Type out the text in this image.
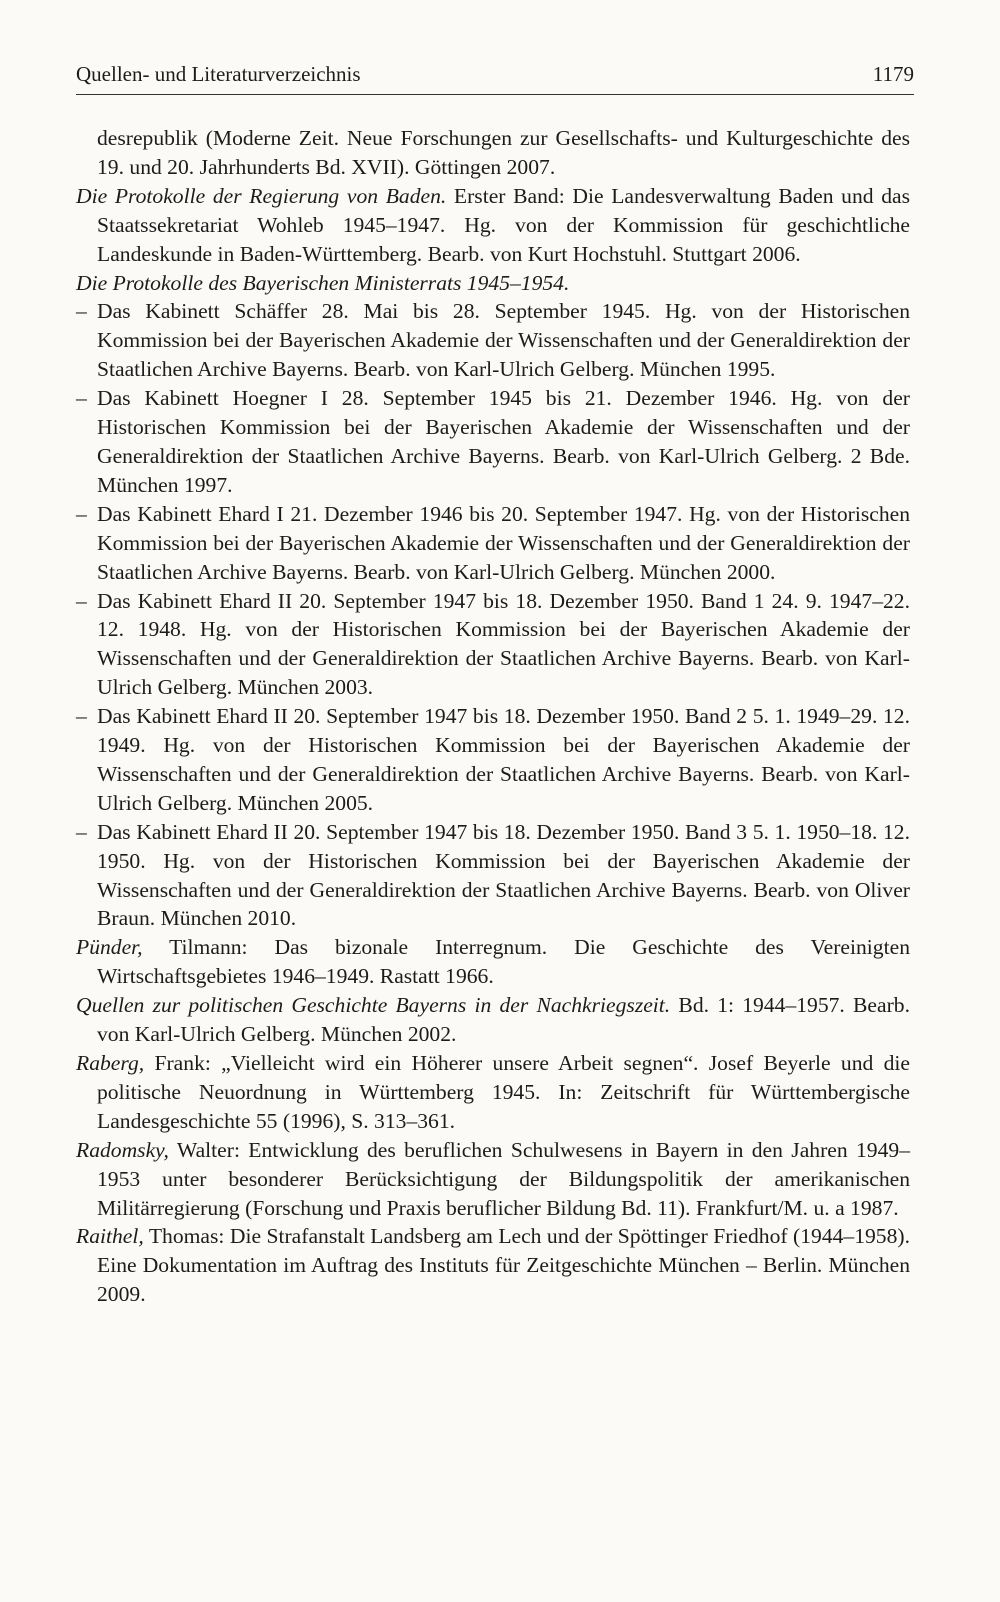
Quellen- und Literaturverzeichnis	1179

desrepublik (Moderne Zeit. Neue Forschungen zur Gesellschafts- und Kulturgeschichte des 19. und 20. Jahrhunderts Bd. XVII). Göttingen 2007.

Die Protokolle der Regierung von Baden. Erster Band: Die Landesverwaltung Baden und das Staatssekretariat Wohleb 1945–1947. Hg. von der Kommission für geschichtliche Landeskunde in Baden-Württemberg. Bearb. von Kurt Hochstuhl. Stuttgart 2006.

Die Protokolle des Bayerischen Ministerrats 1945–1954.

– Das Kabinett Schäffer 28. Mai bis 28. September 1945. Hg. von der Historischen Kommission bei der Bayerischen Akademie der Wissenschaften und der Generaldirektion der Staatlichen Archive Bayerns. Bearb. von Karl-Ulrich Gelberg. München 1995.

– Das Kabinett Hoegner I 28. September 1945 bis 21. Dezember 1946. Hg. von der Historischen Kommission bei der Bayerischen Akademie der Wissenschaften und der Generaldirektion der Staatlichen Archive Bayerns. Bearb. von Karl-Ulrich Gelberg. 2 Bde. München 1997.

– Das Kabinett Ehard I 21. Dezember 1946 bis 20. September 1947. Hg. von der Historischen Kommission bei der Bayerischen Akademie der Wissenschaften und der Generaldirektion der Staatlichen Archive Bayerns. Bearb. von Karl-Ulrich Gelberg. München 2000.

– Das Kabinett Ehard II 20. September 1947 bis 18. Dezember 1950. Band 1 24. 9. 1947–22. 12. 1948. Hg. von der Historischen Kommission bei der Bayerischen Akademie der Wissenschaften und der Generaldirektion der Staatlichen Archive Bayerns. Bearb. von Karl-Ulrich Gelberg. München 2003.

– Das Kabinett Ehard II 20. September 1947 bis 18. Dezember 1950. Band 2 5. 1. 1949–29. 12. 1949. Hg. von der Historischen Kommission bei der Bayerischen Akademie der Wissenschaften und der Generaldirektion der Staatlichen Archive Bayerns. Bearb. von Karl-Ulrich Gelberg. München 2005.

– Das Kabinett Ehard II 20. September 1947 bis 18. Dezember 1950. Band 3 5. 1. 1950–18. 12. 1950. Hg. von der Historischen Kommission bei der Bayerischen Akademie der Wissenschaften und der Generaldirektion der Staatlichen Archive Bayerns. Bearb. von Oliver Braun. München 2010.

Pünder, Tilmann: Das bizonale Interregnum. Die Geschichte des Vereinigten Wirtschaftsgebietes 1946–1949. Rastatt 1966.

Quellen zur politischen Geschichte Bayerns in der Nachkriegszeit. Bd. 1: 1944–1957. Bearb. von Karl-Ulrich Gelberg. München 2002.

Raberg, Frank: „Vielleicht wird ein Höherer unsere Arbeit segnen“. Josef Beyerle und die politische Neuordnung in Württemberg 1945. In: Zeitschrift für Württembergische Landesgeschichte 55 (1996), S. 313–361.

Radomsky, Walter: Entwicklung des beruflichen Schulwesens in Bayern in den Jahren 1949–1953 unter besonderer Berücksichtigung der Bildungspolitik der amerikanischen Militärregierung (Forschung und Praxis beruflicher Bildung Bd. 11). Frankfurt/M. u. a 1987.

Raithel, Thomas: Die Strafanstalt Landsberg am Lech und der Spöttinger Friedhof (1944–1958). Eine Dokumentation im Auftrag des Instituts für Zeitgeschichte München – Berlin. München 2009.
